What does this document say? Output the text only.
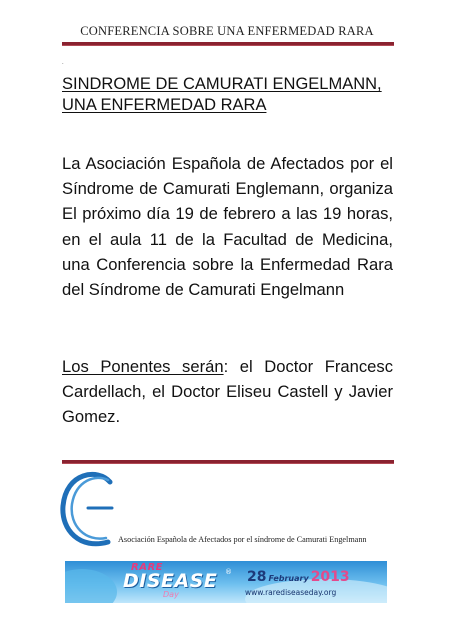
CONFERENCIA SOBRE UNA ENFERMEDAD RARA
.
SINDROME DE CAMURATI ENGELMANN,
UNA ENFERMEDAD RARA
La Asociación Española de Afectados por el Síndrome de Camurati Englemann, organiza El próximo día 19 de febrero a las 19 horas, en el aula 11 de la Facultad de Medicina, una Conferencia sobre la Enfermedad Rara del Síndrome de Camurati Engelmann
Los Ponentes serán: el Doctor Francesc Cardellach, el Doctor Eliseu Castell y Javier Gomez.
Asociación Española de Afectados por el síndrome de Camurati Engelmann
RARE
DISEASE ®
Day
28 February 2013
www.rarediseaseday.org
